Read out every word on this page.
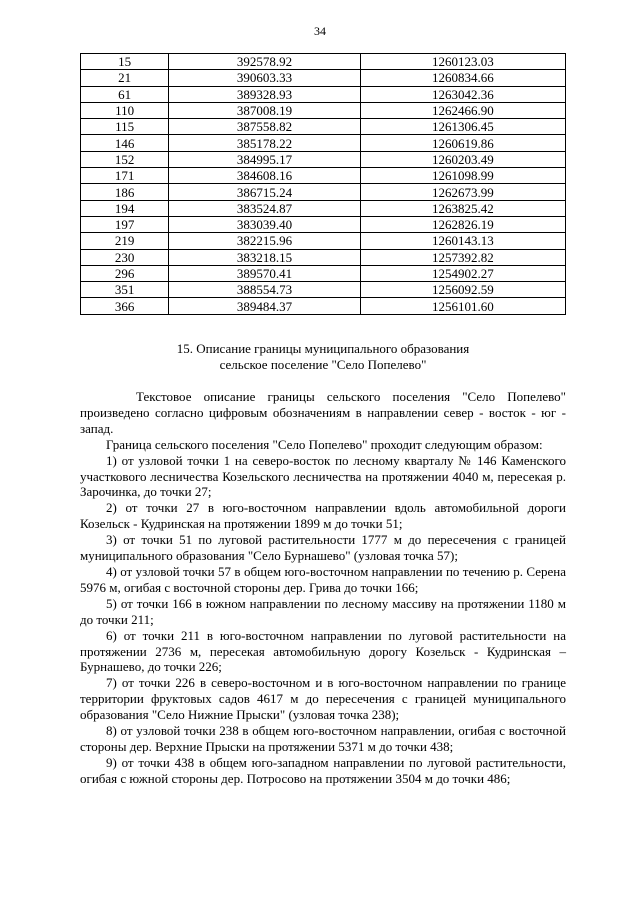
34
15	392578.92	1260123.03
21	390603.33	1260834.66
61	389328.93	1263042.36
110	387008.19	1262466.90
115	387558.82	1261306.45
146	385178.22	1260619.86
152	384995.17	1260203.49
171	384608.16	1261098.99
186	386715.24	1262673.99
194	383524.87	1263825.42
197	383039.40	1262826.19
219	382215.96	1260143.13
230	383218.15	1257392.82
296	389570.41	1254902.27
351	388554.73	1256092.59
366	389484.37	1256101.60
15. Описание границы муниципального образования
сельское поселение "Село Попелево"

Текстовое описание границы сельского поселения "Село Попелево" произведено согласно цифровым обозначениям в направлении север - восток - юг - запад.

Граница сельского поселения "Село Попелево" проходит следующим образом:

1) от узловой точки 1 на северо-восток по лесному кварталу № 146 Каменского участкового лесничества Козельского лесничества на протяжении 4040 м, пересекая р. Зарочинка, до точки 27;

2) от точки 27 в юго-восточном направлении вдоль автомобильной дороги Козельск - Кудринская на протяжении 1899 м до точки 51;

3) от точки 51 по луговой растительности 1777 м до пересечения с границей муниципального образования "Село Бурнашево" (узловая точка 57);

4) от узловой точки 57 в общем юго-восточном направлении по течению р. Серена 5976 м, огибая с восточной стороны дер. Грива до точки 166;

5) от точки 166 в южном направлении по лесному массиву на протяжении 1180 м до точки 211;

6) от точки 211 в юго-восточном направлении по луговой растительности на протяжении 2736 м, пересекая автомобильную дорогу Козельск - Кудринская – Бурнашево, до точки 226;

7) от точки 226 в северо-восточном и в юго-восточном направлении по границе территории фруктовых садов 4617 м до пересечения с границей муниципального образования "Село Нижние Прыски" (узловая точка 238);

8) от узловой точки 238 в общем юго-восточном направлении, огибая с восточной стороны дер. Верхние Прыски на протяжении 5371 м до точки 438;

9) от точки 438 в общем юго-западном направлении по луговой растительности, огибая с южной стороны дер. Потросово на протяжении 3504 м до точки 486;
